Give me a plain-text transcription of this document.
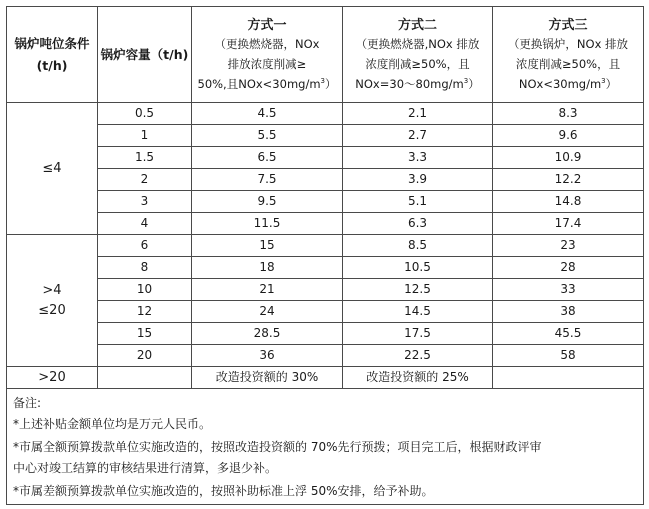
锅炉吨位条件(t/h)	锅炉容量（t/h)	方式一
（更换燃烧器，NOx
排放浓度削减≥
50%,且$NOx<30mg/m^3$）	方式二
（更换燃烧器,NOx 排放
浓度削减≥50%，且
$NOx=30\sim 80mg/m^3$）	方式三
（更换锅炉，NOx 排放
浓度削减≥50%，且
$NOx<30mg/m^3$）

≤4	0.5	4.5	2.1	8.3
	1	5.5	2.7	9.6
	1.5	6.5	3.3	10.9
	2	7.5	3.9	12.2
	3	9.5	5.1	14.8
	4	11.5	6.3	17.4
>4
≤20	6	15	8.5	23
	8	18	10.5	28
	10	21	12.5	33
	12	24	14.5	38
	15	28.5	17.5	45.5
	20	36	22.5	58
>20		改造投资额的 30%	改造投资额的 25%	

备注:
*上述补贴金额单位均是万元人民币。
*市属全额预算拨款单位实施改造的，按照改造投资额的 70%先行预拨；项目完工后，根据财政评审
中心对竣工结算的审核结果进行清算，多退少补。
*市属差额预算拨款单位实施改造的，按照补助标准上浮 50%安排，给予补助。				
